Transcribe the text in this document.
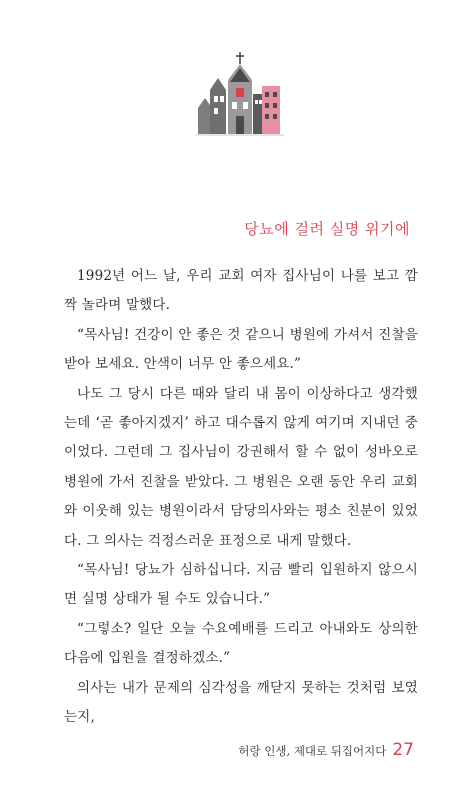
당뇨에 걸려 실명 위기에

1992년 어느 날, 우리 교회 여자 집사님이 나를 보고 깜짝 놀라며 말했다.

“목사님! 건강이 안 좋은 것 같으니 병원에 가셔서 진찰을 받아 보세요. 안색이 너무 안 좋으세요.”

나도 그 당시 다른 때와 달리 내 몸이 이상하다고 생각했는데 ‘곧 좋아지겠지’ 하고 대수롭지 않게 여기며 지내던 중이었다. 그런데 그 집사님이 강권해서 할 수 없이 성바오로 병원에 가서 진찰을 받았다. 그 병원은 오랜 동안 우리 교회와 이웃해 있는 병원이라서 담당의사와는 평소 친분이 있었다. 그 의사는 걱정스러운 표정으로 내게 말했다.

“목사님! 당뇨가 심하십니다. 지금 빨리 입원하지 않으시면 실명 상태가 될 수도 있습니다.”

“그렇소? 일단 오늘 수요예배를 드리고 아내와도 상의한 다음에 입원을 결정하겠소.”

의사는 내가 문제의 심각성을 깨닫지 못하는 것처럼 보였는지,

허랑 인생, 제대로 뒤집어지다 27
